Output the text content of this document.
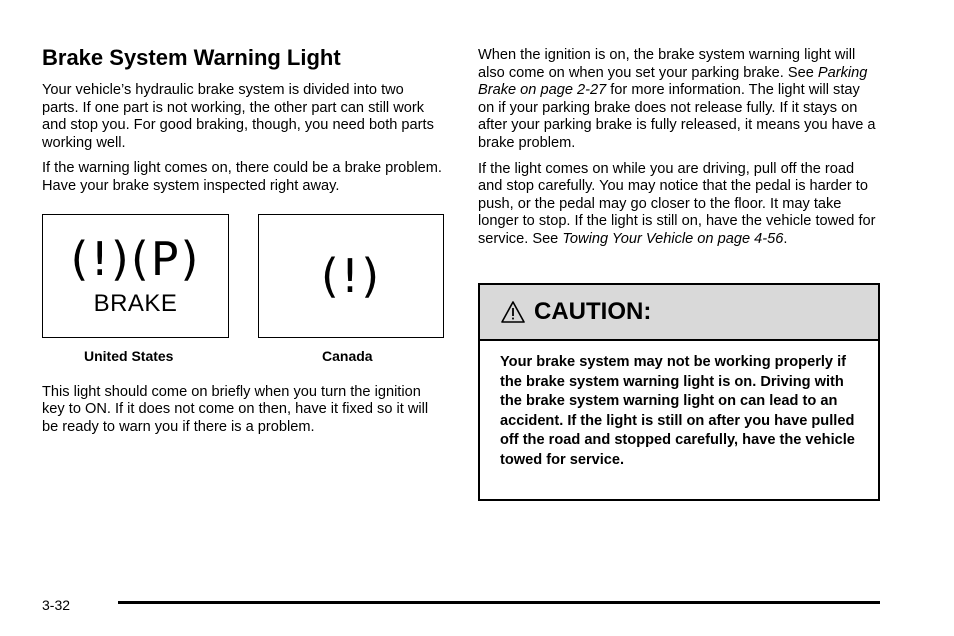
Brake System Warning Light

Your vehicle’s hydraulic brake system is divided into two parts. If one part is not working, the other part can still work and stop you. For good braking, though, you need both parts working well.

If the warning light comes on, there could be a brake problem. Have your brake system inspected right away.

(!)(P)
BRAKE
(!)
United States	Canada

This light should come on briefly when you turn the ignition key to ON. If it does not come on then, have it fixed so it will be ready to warn you if there is a problem.

When the ignition is on, the brake system warning light will also come on when you set your parking brake. See Parking Brake on page 2-27 for more information. The light will stay on if your parking brake does not release fully. If it stays on after your parking brake is fully released, it means you have a brake problem.

If the light comes on while you are driving, pull off the road and stop carefully. You may notice that the pedal is harder to push, or the pedal may go closer to the floor. It may take longer to stop. If the light is still on, have the vehicle towed for service. See Towing Your Vehicle on page 4-56.

CAUTION:
Your brake system may not be working properly if the brake system warning light is on. Driving with the brake system warning light on can lead to an accident. If the light is still on after you have pulled off the road and stopped carefully, have the vehicle towed for service.
3-32
